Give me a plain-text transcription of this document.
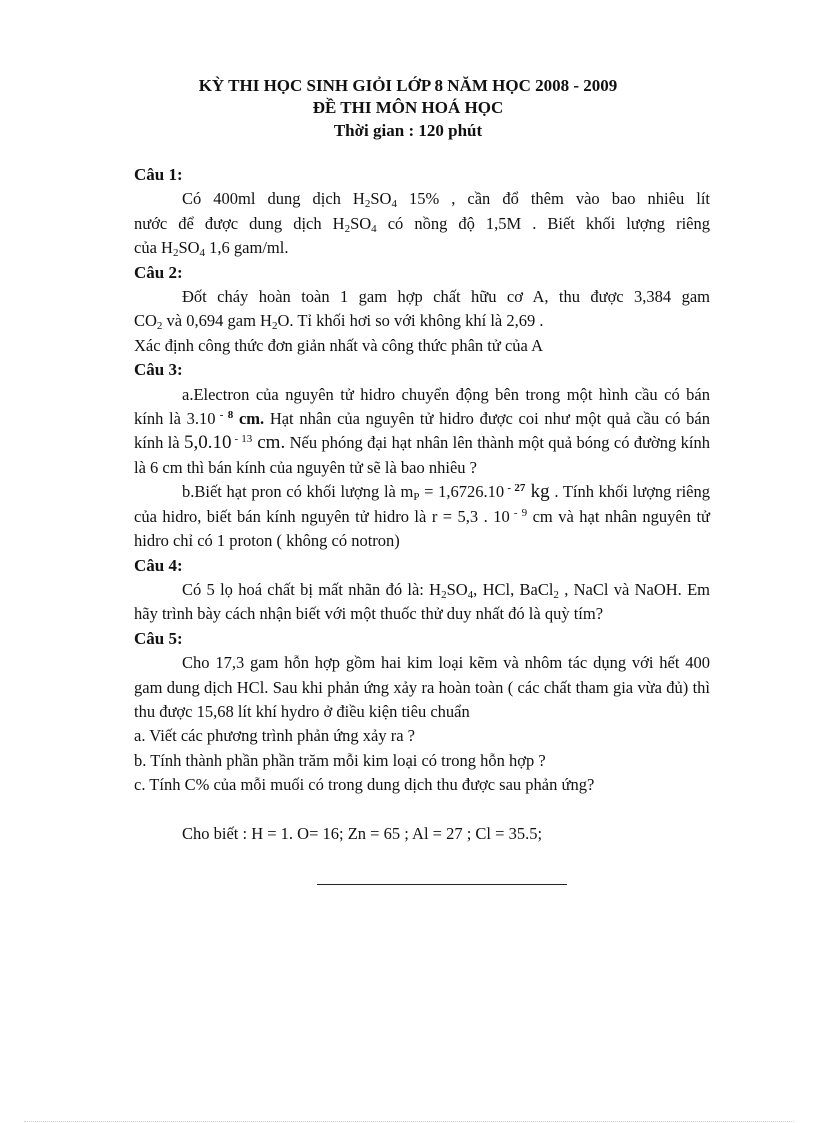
KỲ THI HỌC SINH GIỎI LỚP 8 NĂM HỌC 2008 - 2009
ĐỀ THI MÔN HOÁ HỌC
Thời gian : 120 phút
Câu 1:

Có 400ml dung dịch $H_2SO_4$ 15% , cần đổ thêm vào bao nhiêu lít

nước để được dung dịch $H_2SO_4$ có nồng độ 1,5M . Biết khối lượng riêng

của $H_2SO_4$ 1,6 gam/ml.

Câu 2:

Đốt cháy hoàn toàn 1 gam hợp chất hữu cơ A, thu được 3,384 gam

$CO_2$ và 0,694 gam $H_2O$. Tỉ khối hơi so với không khí là 2,69 .

Xác định công thức đơn giản nhất và công thức phân tử của A

Câu 3:

a.Electron của nguyên tử hidro chuyển động bên trong một hình cầu có bán kính là 3.10 $^{- 8}$ cm. Hạt nhân của nguyên tử hidro được coi như một quả cầu có bán kính là 5,0.10 $^{- 13}$ cm. Nếu phóng đại hạt nhân lên thành một quả bóng có đường kính là 6 cm thì bán kính của nguyên tử sẽ là bao nhiêu ?

b.Biết hạt pron có khối lượng là $m_P = 1,6726.10$ $^{- 27}$ kg . Tính khối lượng riêng của hidro, biết bán kính nguyên tử hidro là r = 5,3 . 10 $^{- 9}$ cm và hạt nhân nguyên tử hidro chỉ có 1 proton ( không có notron)

Câu 4:

Có 5 lọ hoá chất bị mất nhãn đó là: $H_2SO_4$, HCl, BaCl$_2$ , NaCl và NaOH. Em hãy trình bày cách nhận biết với một thuốc thử duy nhất đó là quỳ tím?

Câu 5:

Cho 17,3 gam hỗn hợp gồm hai kim loại kẽm và nhôm tác dụng với hết 400 gam dung dịch HCl. Sau khi phản ứng xảy ra hoàn toàn ( các chất tham gia vừa đủ) thì thu được 15,68 lít khí hydro ở điều kiện tiêu chuẩn

a. Viết các phương trình phản ứng xảy ra ?

b. Tính thành phần phần trăm mỗi kim loại có trong hỗn hợp ?

c. Tính C% của mỗi muối có trong dung dịch thu được sau phản ứng?

Cho biết : H = 1. O= 16; Zn = 65 ; Al = 27 ; Cl = 35.5;
